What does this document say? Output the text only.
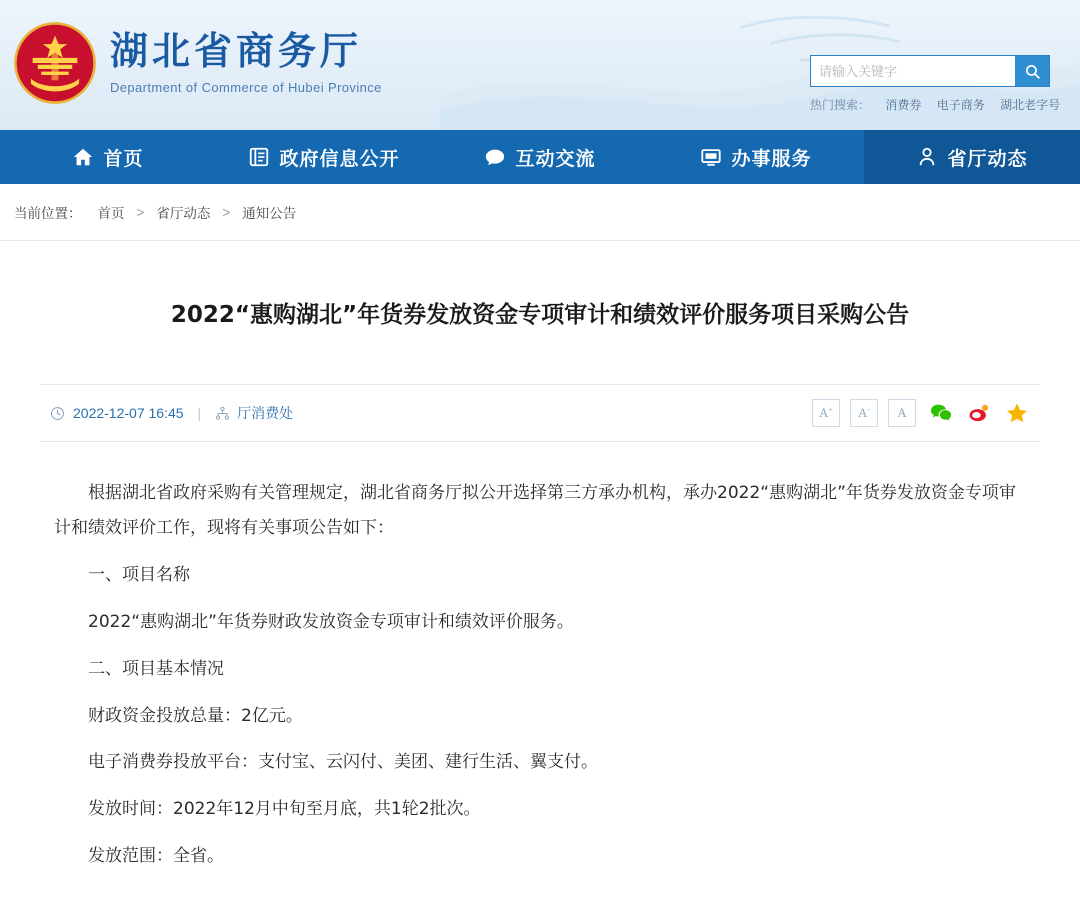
湖北省商务厅
Department of Commerce of Hubei Province
请输入关键字
热门搜索： 消费券 电子商务 湖北老字号
首页	政府信息公开	互动交流	办事服务	省厅动态
当前位置： 首页 > 省厅动态 > 通知公告
2022“惠购湖北”年货券发放资金专项审计和绩效评价服务项目采购公告
2022-12-07 16:45 |	厅消费处	A+ A- A

根据湖北省政府采购有关管理规定，湖北省商务厅拟公开选择第三方承办机构，承办2022“惠购湖北”年货券发放资金专项审计和绩效评价工作，现将有关事项公告如下：

一、项目名称

2022“惠购湖北”年货券财政发放资金专项审计和绩效评价服务。

二、项目基本情况

财政资金投放总量：2亿元。

电子消费券投放平台：支付宝、云闪付、美团、建行生活、翼支付。

发放时间：2022年12月中旬至月底，共1轮2批次。

发放范围：全省。
